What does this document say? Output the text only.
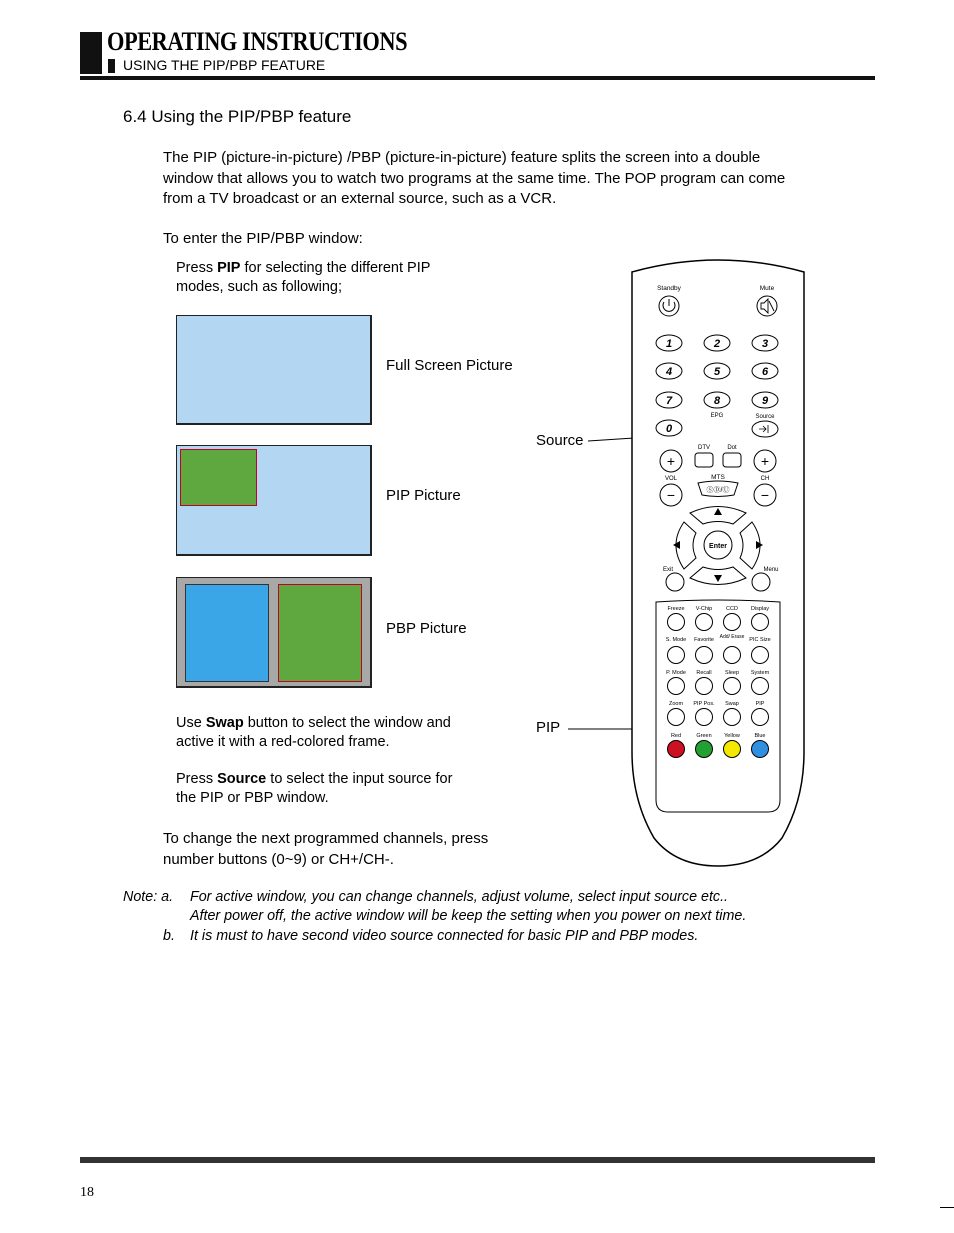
OPERATING INSTRUCTIONS
USING THE PIP/PBP FEATURE
6.4 Using the PIP/PBP feature
The PIP (picture-in-picture) /PBP (picture-in-picture) feature splits the screen into a double
window that allows you to watch two programs at the same time. The POP program can come
from a TV broadcast or an external source, such as a VCR.
To enter the PIP/PBP window:
Press PIP for selecting the different PIP
modes, such as following;
Full Screen Picture
PIP Picture
PBP Picture
Use Swap button to select the window and
active it with a red-colored frame.
Press Source to select the input source for
the PIP or PBP window.
To change the next programmed channels, press
number buttons (0~9) or CH+/CH-.
Source
PIP
Standby	Mute
1	2	3
4	5	6
7	8	9
0
EPG	Source
DTV	Dot
+
VOL
−
+
CH
−
MTS
ⓈⒹ/Ⓤ
Enter
Exit	Menu
Freeze V-Chip	CCD Display
S. Mode Favorite Add/ Erase PIC Size
P. Mode Recall Sleep System
Zoom PIP Pos. Swap	PIP
Red	Green Yellow	Blue
Note: a. For active window, you can change channels, adjust volume, select input source etc..
After power off, the active window will be keep the setting when you power on next time.
b. It is must to have second video source connected for basic PIP and PBP modes.
18
